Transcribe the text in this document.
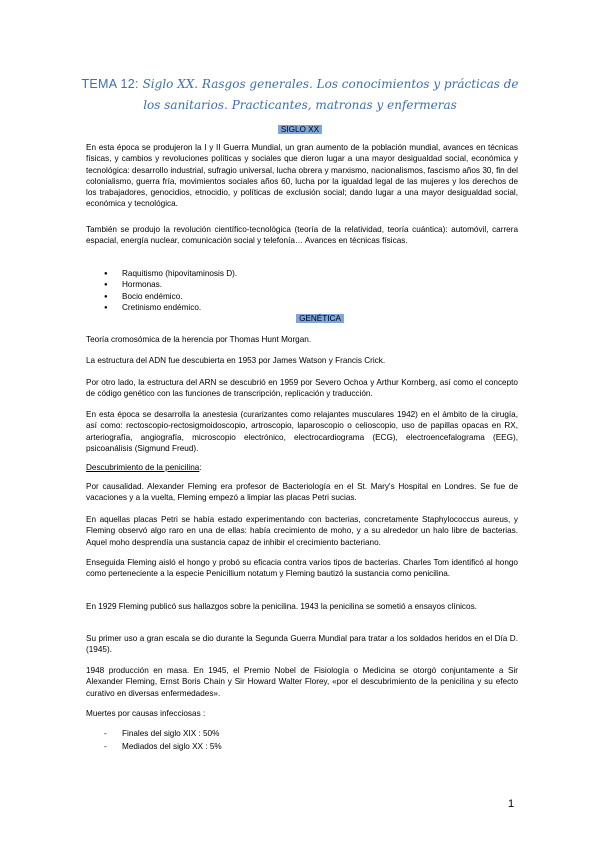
TEMA 12: Siglo XX. Rasgos generales. Los conocimientos y prácticas de
los sanitarios. Practicantes, matronas y enfermeras
SIGLO XX

En esta época se produjeron la I y II Guerra Mundial, un gran aumento de la población mundial, avances en técnicas físicas, y cambios y revoluciones políticas y sociales que dieron lugar a una mayor desigualdad social, económica y tecnológica: desarrollo industrial, sufragio universal, lucha obrera y marxismo, nacionalismos, fascismo años 30, fin del colonialismo, guerra fría, movimientos sociales años 60, lucha por la igualdad legal de las mujeres y los derechos de los trabajadores, genocidios, etnocidio, y políticas de exclusión social; dando lugar a una mayor desigualdad social, económica y tecnológica.

También se produjo la revolución científico-tecnológica (teoría de la relatividad, teoría cuántica): automóvil, carrera espacial, energía nuclear, comunicación social y telefonía… Avances en técnicas físicas.

● Raquitismo (hipovitaminosis D).
● Hormonas.
● Bocio endémico.
● Cretinismo endémico.
GENÉTICA

Teoría cromosómica de la herencia por Thomas Hunt Morgan.

La estructura del ADN fue descubierta en 1953 por James Watson y Francis Crick.

Por otro lado, la estructura del ARN se descubrió en 1959 por Severo Ochoa y Arthur Kornberg, así como el concepto de código genético con las funciones de transcripción, replicación y traducción.

En esta época se desarrolla la anestesia (curarizantes como relajantes musculares 1942) en el ámbito de la cirugía, así como: rectoscopio-rectosigmoidoscopio, artroscopio, laparoscopio o celioscopio, uso de papillas opacas en RX, arteriografía, angiografía, microscopio electrónico, electrocardiograma (ECG), electroencefalograma (EEG), psicoanálisis (Sigmund Freud).

Descubrimiento de la penicilina:

Por causalidad. Alexander Fleming era profesor de Bacteriología en el St. Mary's Hospital en Londres. Se fue de vacaciones y a la vuelta, Fleming empezó a limpiar las placas Petri sucias.

En aquellas placas Petri se había estado experimentando con bacterias, concretamente Staphylococcus aureus, y Fleming observó algo raro en una de ellas: había crecimiento de moho, y a su alrededor un halo libre de bacterias. Aquel moho desprendía una sustancia capaz de inhibir el crecimiento bacteriano.

Enseguida Fleming aisló el hongo y probó su eficacia contra varios tipos de bacterias. Charles Tom identificó al hongo como perteneciente a la especie Penicillium notatum y Fleming bautizó la sustancia como penicilina.

En 1929 Fleming publicó sus hallazgos sobre la penicilina. 1943 la penicilina se sometió a ensayos clínicos.

Su primer uso a gran escala se dio durante la Segunda Guerra Mundial para tratar a los soldados heridos en el Día D.(1945).

1948 producción en masa. En 1945, el Premio Nobel de Fisiología o Medicina se otorgó conjuntamente a Sir Alexander Fleming, Ernst Boris Chain y Sir Howard Walter Florey, «por el descubrimiento de la penicilina y su efecto curativo en diversas enfermedades».

Muertes por causas infecciosas :

- Finales del siglo XIX : 50%
- Mediados del siglo XX : 5%
1
